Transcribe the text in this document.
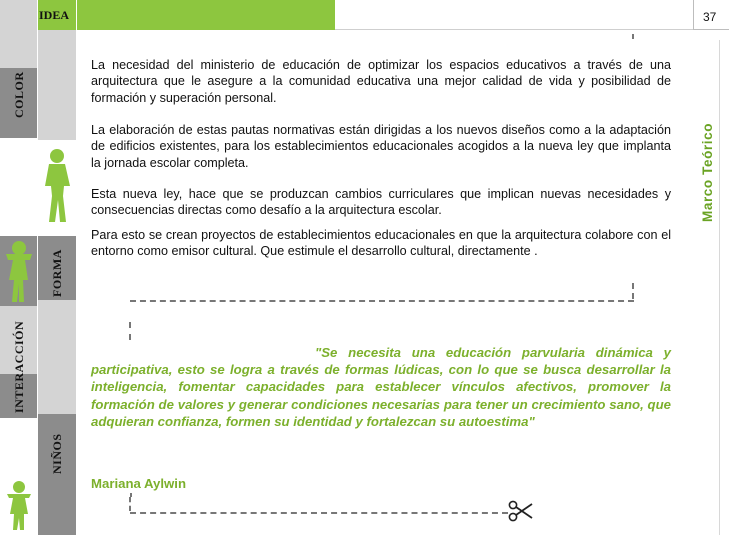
COLOR
FORMA
INTERACCIÓN
NIÑOS
IDEA	37
Marco Teórico

La necesidad del ministerio de educación de optimizar los espacios educativos a través de una arquitectura que le asegure a la comunidad educativa una mejor calidad de vida y posibilidad de formación y superación personal.

La elaboración de estas pautas normativas están dirigidas a los nuevos diseños como a la adaptación de edificios existentes, para los establecimientos educacionales acogidos a la nueva ley que implanta la jornada escolar completa.

Esta nueva ley, hace que se produzcan cambios curriculares que implican nuevas necesidades y consecuencias directas como desafío a la arquitectura escolar.

Para esto se crean proyectos de establecimientos educacionales en que la arquitectura colabore con el entorno como emisor cultural. Que estimule el desarrollo cultural, directamente .

"Se necesita una educación parvularia dinámica y participativa, esto se logra a través de formas lúdicas, con lo que se busca desarrollar la inteligencia, fomentar capacidades para establecer vínculos afectivos, promover la formación de valores y generar condiciones necesarias para tener un crecimiento sano, que adquieran confianza, formen su identidad y fortalezcan su autoestima"

Mariana Aylwin
